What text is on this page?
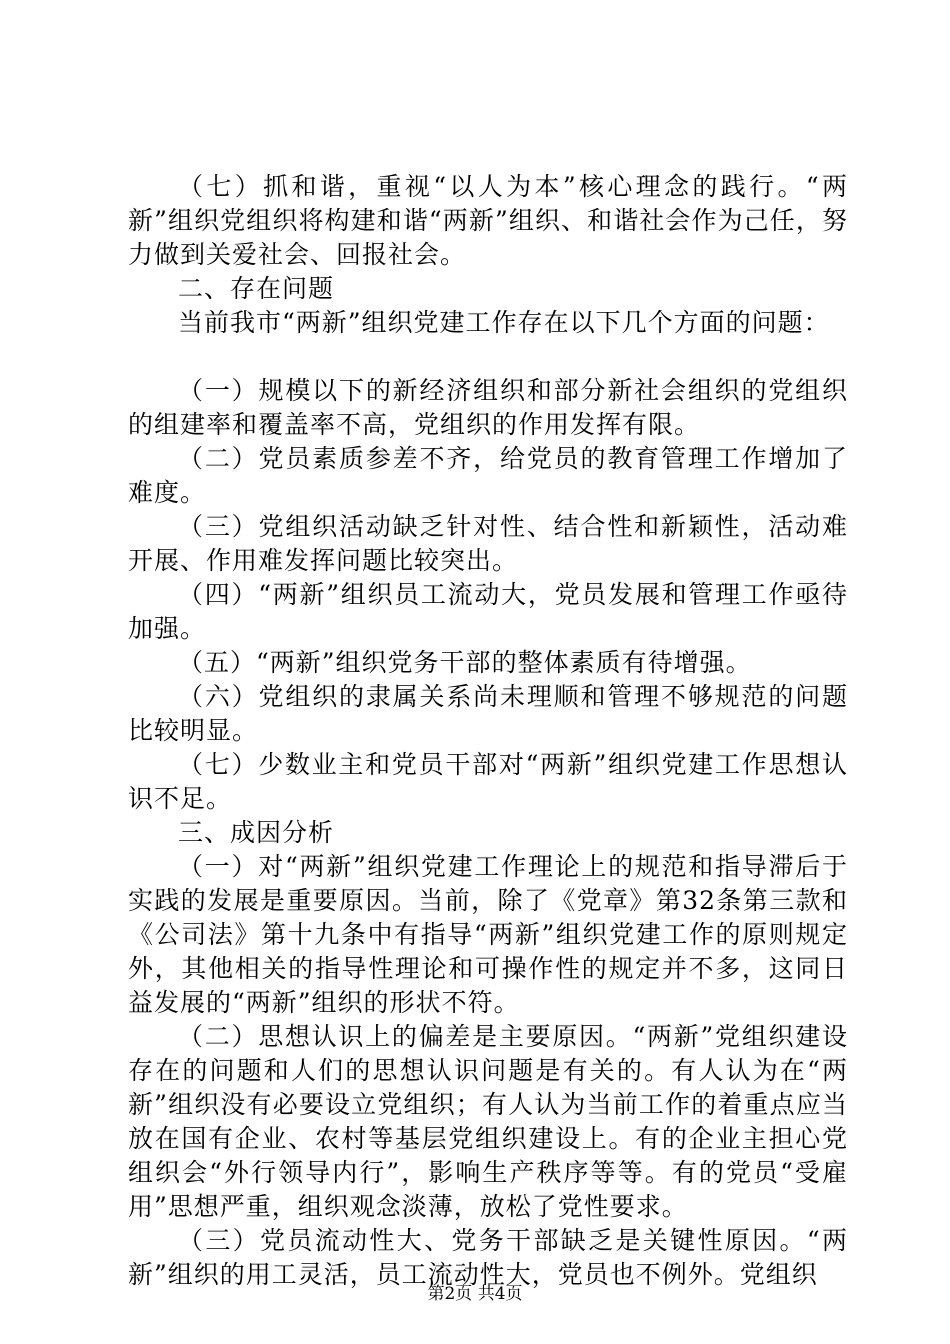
（七）抓和谐，重视“以人为本”核心理念的践行。“两新”组织党组织将构建和谐“两新”组织、和谐社会作为己任，努力做到关爱社会、回报社会。

二、存在问题

当前我市“两新”组织党建工作存在以下几个方面的问题：

（一）规模以下的新经济组织和部分新社会组织的党组织的组建率和覆盖率不高，党组织的作用发挥有限。

（二）党员素质参差不齐，给党员的教育管理工作增加了难度。

（三）党组织活动缺乏针对性、结合性和新颖性，活动难开展、作用难发挥问题比较突出。

（四）“两新”组织员工流动大，党员发展和管理工作亟待加强。

（五）“两新”组织党务干部的整体素质有待增强。

（六）党组织的隶属关系尚未理顺和管理不够规范的问题比较明显。

（七）少数业主和党员干部对“两新”组织党建工作思想认识不足。

三、成因分析

（一）对“两新”组织党建工作理论上的规范和指导滞后于实践的发展是重要原因。当前，除了《党章》第32条第三款和《公司法》第十九条中有指导“两新”组织党建工作的原则规定外，其他相关的指导性理论和可操作性的规定并不多，这同日益发展的“两新”组织的形状不符。

（二）思想认识上的偏差是主要原因。“两新”党组织建设存在的问题和人们的思想认识问题是有关的。有人认为在“两新”组织没有必要设立党组织；有人认为当前工作的着重点应当放在国有企业、农村等基层党组织建设上。有的企业主担心党组织会“外行领导内行”，影响生产秩序等等。有的党员“受雇用”思想严重，组织观念淡薄，放松了党性要求。

（三）党员流动性大、党务干部缺乏是关键性原因。“两新”组织的用工灵活，员工流动性大，党员也不例外。党组织

第2页 共4页
